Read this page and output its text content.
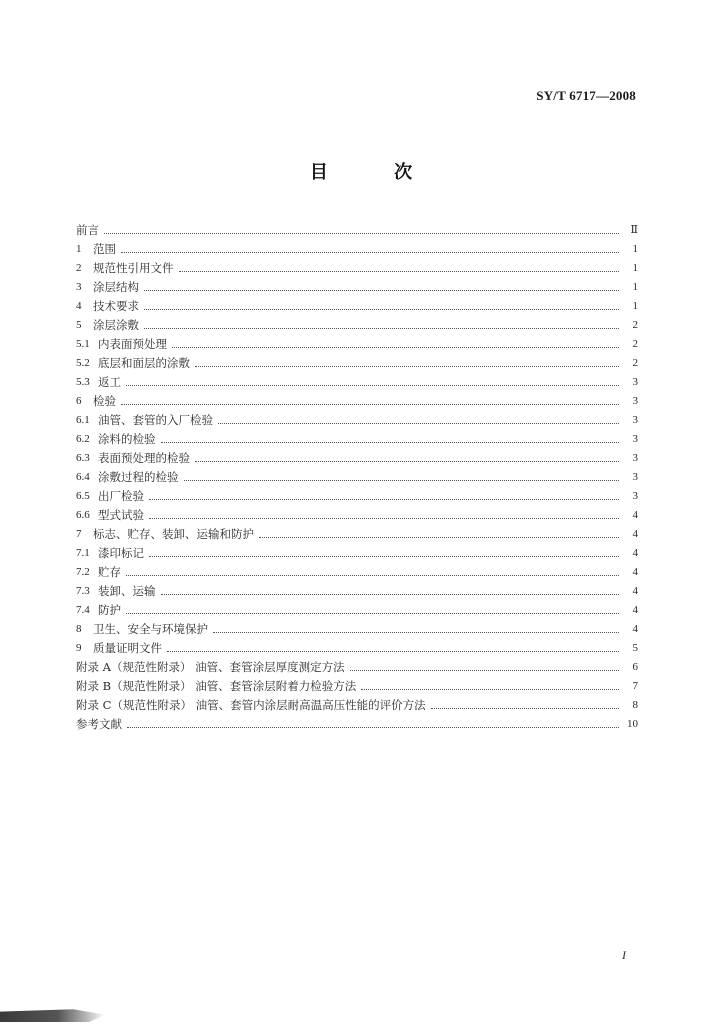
SY/T 6717—2008
目 次
前言	Ⅱ
1	范围	1
2	规范性引用文件	1
3	涂层结构	1
4	技术要求	1
5	涂层涂敷	2
5.1 内表面预处理	2
5.2 底层和面层的涂敷	2
5.3 返工	3
6	检验	3
6.1 油管、套管的入厂检验	3
6.2 涂料的检验	3
6.3 表面预处理的检验	3
6.4 涂敷过程的检验	3
6.5 出厂检验	3
6.6 型式试验	4
7	标志、贮存、装卸、运输和防护	4
7.1 漆印标记	4
7.2 贮存	4
7.3 装卸、运输	4
7.4 防护	4
8	卫生、安全与环境保护	4
9	质量证明文件	5
附录 A（规范性附录） 油管、套管涂层厚度测定方法	6
附录 B（规范性附录） 油管、套管涂层附着力检验方法	7
附录 C（规范性附录） 油管、套管内涂层耐高温高压性能的评价方法	8
参考文献	10
I
